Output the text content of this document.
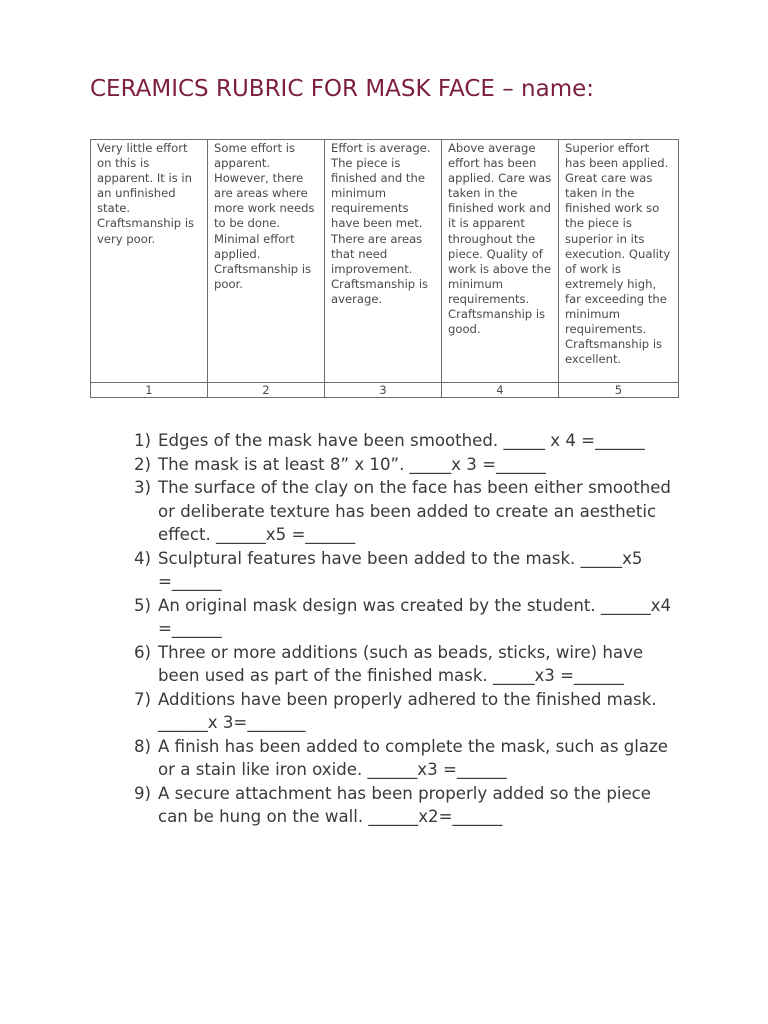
CERAMICS RUBRIC FOR MASK FACE – name:
Very little effort on this is apparent. It is in an unfinished state. Craftsmanship is very poor.	Some effort is apparent. However, there are areas where more work needs to be done. Minimal effort applied. Craftsmanship is poor.	Effort is average. The piece is finished and the minimum requirements have been met. There are areas that need improvement. Craftsmanship is average.	Above average effort has been applied. Care was taken in the finished work and it is apparent throughout the piece. Quality of work is above the minimum requirements. Craftsmanship is good.	Superior effort has been applied. Great care was taken in the finished work so the piece is superior in its execution. Quality of work is extremely high, far exceeding the minimum requirements. Craftsmanship is excellent.
1	2	3	4	5
1) Edges of the mask have been smoothed. _____ x 4 =______
2) The mask is at least 8” x 10”. _____x 3 =______
3) The surface of the clay on the face has been either smoothed or deliberate texture has been added to create an aesthetic effect. ______x5 =______
4) Sculptural features have been added to the mask. _____x5 =______
5) An original mask design was created by the student. ______x4 =______
6) Three or more additions (such as beads, sticks, wire) have been used as part of the finished mask. _____x3 =______
7) Additions have been properly adhered to the finished mask. ______x 3=_______
8) A finish has been added to complete the mask, such as glaze or a stain like iron oxide. ______x3 =______
9) A secure attachment has been properly added so the piece can be hung on the wall. ______x2=______
